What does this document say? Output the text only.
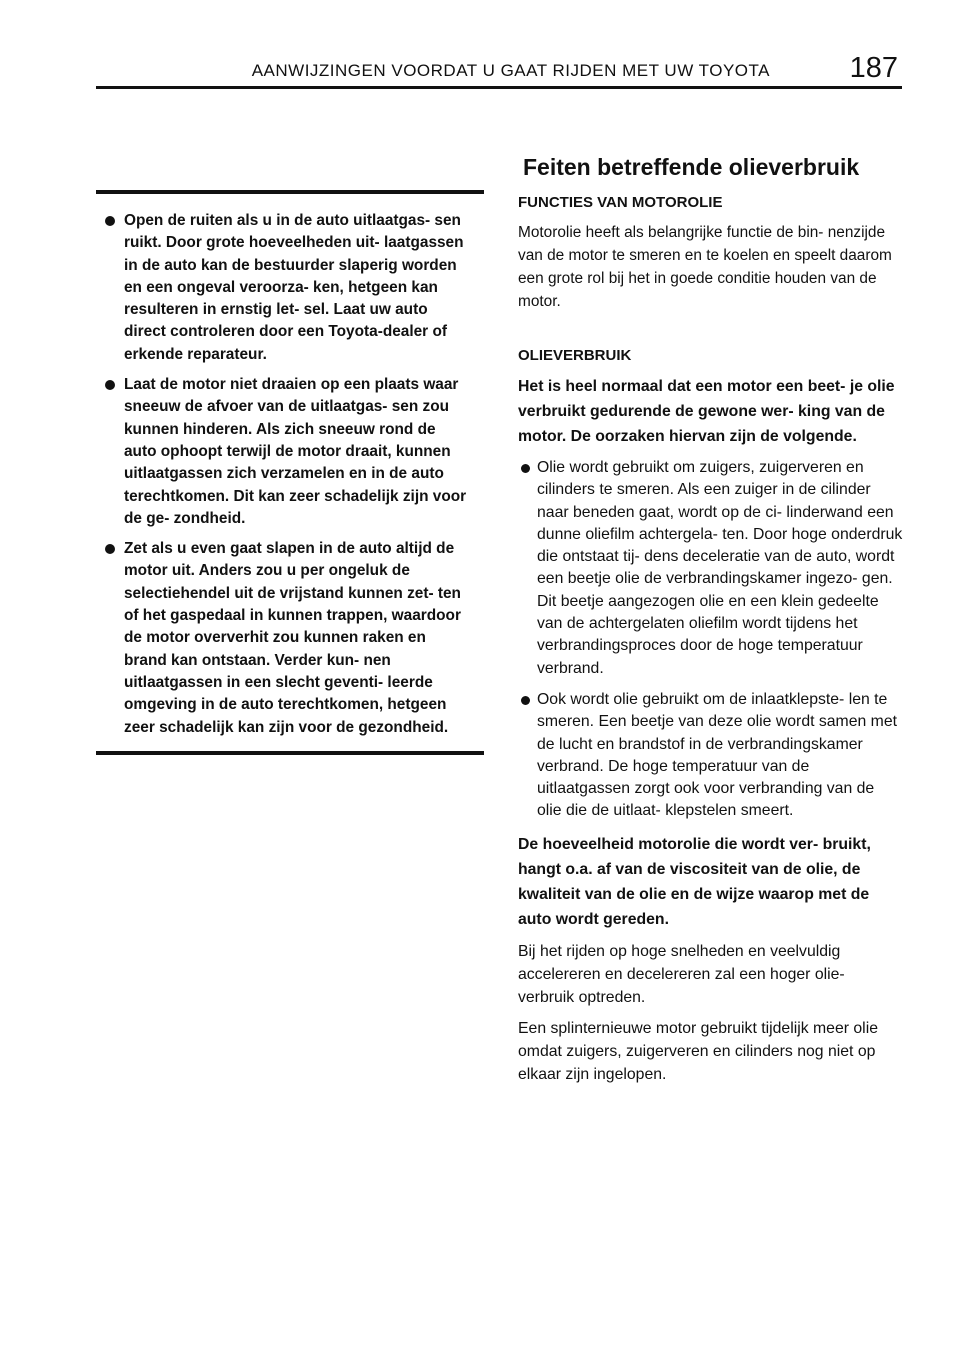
AANWIJZINGEN VOORDAT U GAAT RIJDEN MET UW TOYOTA	187
Open de ruiten als u in de auto uitlaatgas- sen ruikt. Door grote hoeveelheden uit- laatgassen in de auto kan de bestuurder slaperig worden en een ongeval veroorza- ken, hetgeen kan resulteren in ernstig let- sel. Laat uw auto direct controleren door een Toyota‑dealer of erkende reparateur.
Laat de motor niet draaien op een plaats waar sneeuw de afvoer van de uitlaatgas- sen zou kunnen hinderen. Als zich sneeuw rond de auto ophoopt terwijl de motor draait, kunnen uitlaatgassen zich verzamelen en in de auto terechtkomen. Dit kan zeer schadelijk zijn voor de ge- zondheid.
Zet als u even gaat slapen in de auto altijd de motor uit. Anders zou u per ongeluk de selectiehendel uit de vrijstand kunnen zet- ten of het gaspedaal in kunnen trappen, waardoor de motor oververhit zou kunnen raken en brand kan ontstaan. Verder kun- nen uitlaatgassen in een slecht geventi- leerde omgeving in de auto terechtkomen, hetgeen zeer schadelijk kan zijn voor de gezondheid.
Feiten betreffende olieverbruik
FUNCTIES VAN MOTOROLIE

Motorolie heeft als belangrijke functie de bin- nenzijde van de motor te smeren en te koelen en speelt daarom een grote rol bij het in goede conditie houden van de motor.

OLIEVERBRUIK

Het is heel normaal dat een motor een beet- je olie verbruikt gedurende de gewone wer- king van de motor. De oorzaken hiervan zijn de volgende.

Olie wordt gebruikt om zuigers, zuigerveren en cilinders te smeren. Als een zuiger in de cilinder naar beneden gaat, wordt op de ci- linderwand een dunne oliefilm achtergela- ten. Door hoge onderdruk die ontstaat tij- dens deceleratie van de auto, wordt een beetje olie de verbrandingskamer ingezo- gen. Dit beetje aangezogen olie en een klein gedeelte van de achtergelaten oliefilm wordt tijdens het verbrandingsproces door de hoge temperatuur verbrand.
Ook wordt olie gebruikt om de inlaatklepste- len te smeren. Een beetje van deze olie wordt samen met de lucht en brandstof in de verbrandingskamer verbrand. De hoge temperatuur van de uitlaatgassen zorgt ook voor verbranding van de olie die de uitlaat- klepstelen smeert.

De hoeveelheid motorolie die wordt ver- bruikt, hangt o.a. af van de viscositeit van de olie, de kwaliteit van de olie en de wijze waarop met de auto wordt gereden.

Bij het rijden op hoge snelheden en veelvuldig accelereren en decelereren zal een hoger olie- verbruik optreden.

Een splinternieuwe motor gebruikt tijdelijk meer olie omdat zuigers, zuigerveren en cilinders nog niet op elkaar zijn ingelopen.
